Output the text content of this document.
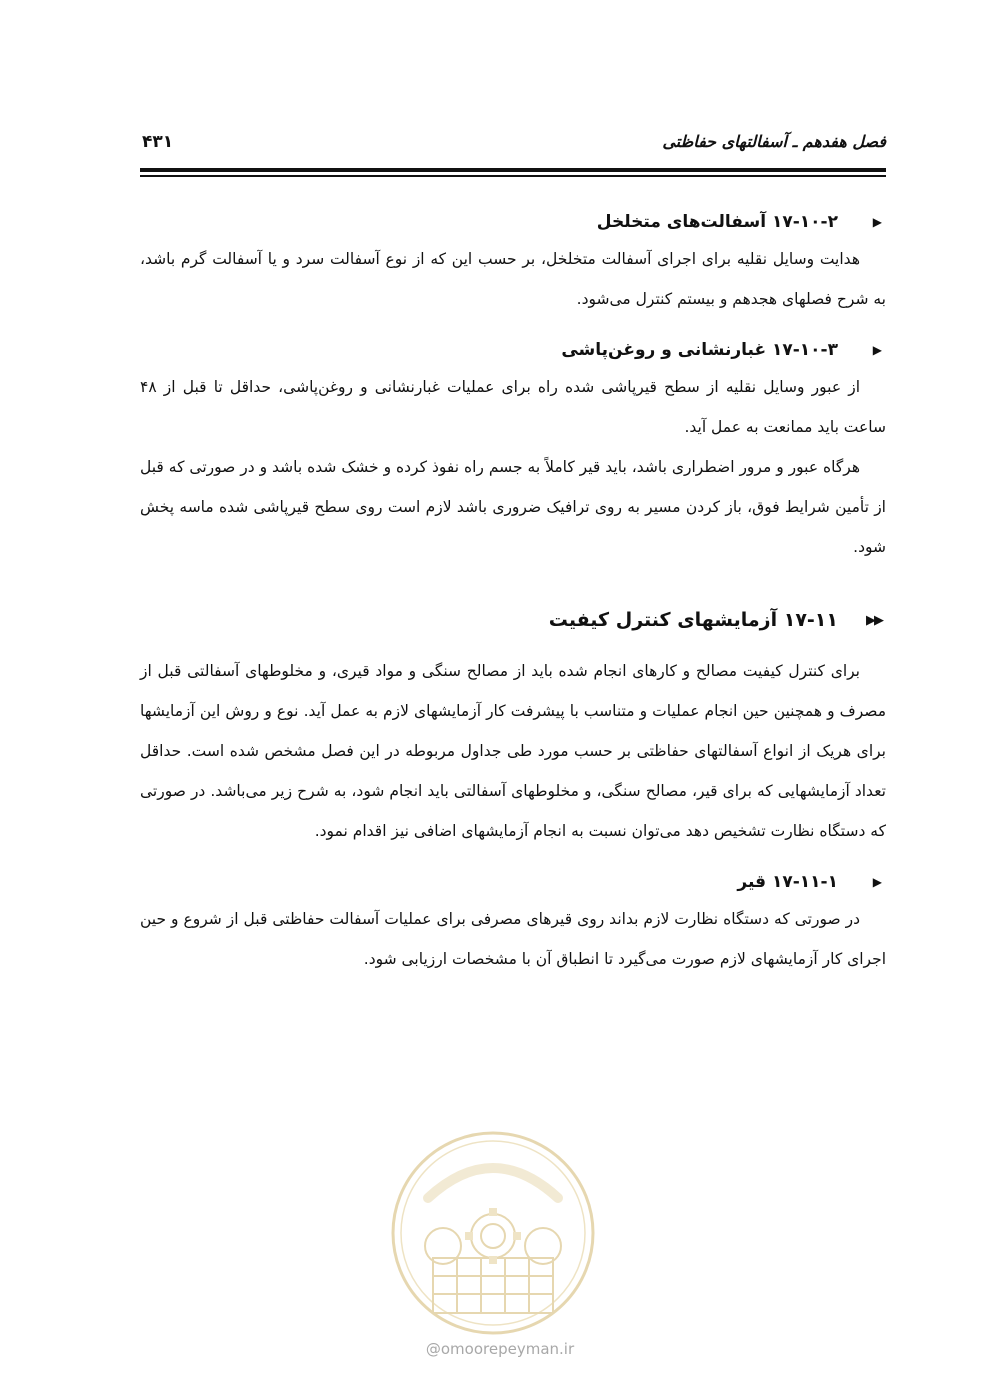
فصل هفدهم ـ آسفالتهای حفاظتی
۴۳۱
▶
۱۷-۱۰-۲ آسفالت‌های متخلخل

هدایت وسایل نقلیه برای اجرای آسفالت متخلخل، بر حسب این که از نوع آسفالت سرد و یا آسفالت گرم باشد، به شرح فصلهای هجدهم و بیستم کنترل می‌شود.

▶
۱۷-۱۰-۳ غبارنشانی و روغن‌پاشی

از عبور وسایل نقلیه از سطح قیرپاشی شده راه برای عملیات غبارنشانی و روغن‌پاشی، حداقل تا قبل از ۴۸ ساعت باید ممانعت به عمل آید.

هرگاه عبور و مرور اضطراری باشد، باید قیر کاملاً به جسم راه نفوذ کرده و خشک شده باشد و در صورتی که قبل از تأمین شرایط فوق، باز کردن مسیر به روی ترافیک ضروری باشد لازم است روی سطح قیرپاشی شده ماسه پخش شود.

▶▶
۱۷-۱۱ آزمایشهای کنترل کیفیت

برای کنترل کیفیت مصالح و کارهای انجام شده باید از مصالح سنگی و مواد قیری، و مخلوطهای آسفالتی قبل از مصرف و همچنین حین انجام عملیات و متناسب با پیشرفت کار آزمایشهای لازم به عمل آید. نوع و روش این آزمایشها برای هریک از انواع آسفالتهای حفاظتی بر حسب مورد طی جداول مربوطه در این فصل مشخص شده است. حداقل تعداد آزمایشهایی که برای قیر، مصالح سنگی، و مخلوطهای آسفالتی باید انجام شود، به شرح زیر می‌باشد. در صورتی که دستگاه نظارت تشخیص دهد می‌توان نسبت به انجام آزمایشهای اضافی نیز اقدام نمود.

▶
۱۷-۱۱-۱ قیر

در صورتی که دستگاه نظارت لازم بداند روی قیرهای مصرفی برای عملیات آسفالت حفاظتی قبل از شروع و حین اجرای کار آزمایشهای لازم صورت می‌گیرد تا انطباق آن با مشخصات ارزیابی شود.

@omoorepeyman.ir
